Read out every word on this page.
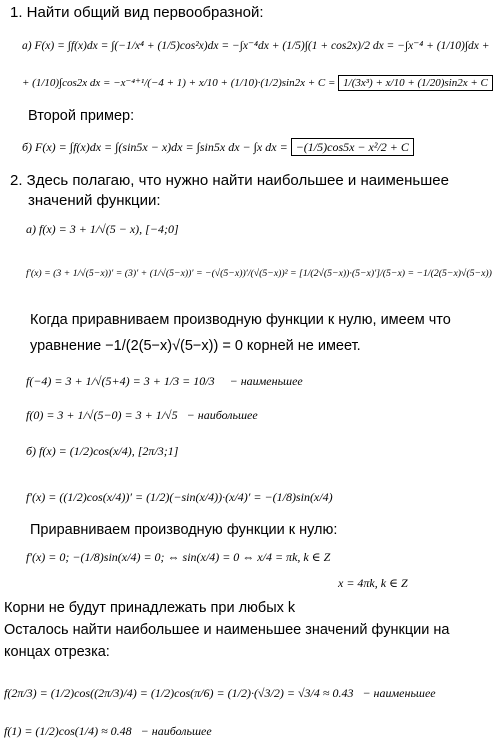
1. Найти общий вид первообразной:
а) F(x) = ∫f(x)dx = ∫(−1/x⁴ + (1/5)cos²x)dx = −∫x⁻⁴dx + (1/5)∫(1 + cos2x)/2 dx = −∫x⁻⁴ + (1/10)∫dx +
+ (1/10)∫cos2x dx = −x⁻⁴⁺¹/(−4 + 1) + x/10 + (1/10)·(1/2)sin2x + C = 1/(3x³) + x/10 + (1/20)sin2x + C
Второй пример:
б) F(x) = ∫f(x)dx = ∫(sin5x − x)dx = ∫sin5x dx − ∫x dx = −(1/5)cos5x − x²/2 + C
2. Здесь полагаю, что нужно найти наибольшее и наименьшее
значений функции:
а) f(x) = 3 + 1/√(5 − x), [−4;0]
f′(x) = (3 + 1/√(5−x))′ = (3)′ + (1/√(5−x))′ = −(√(5−x))′/(√(5−x))² = [1/(2√(5−x))·(5−x)′]/(5−x) = −1/(2(5−x)√(5−x))
Когда приравниваем производную функции к нулю, имеем что
уравнение −1/(2(5−x)√(5−x)) = 0 корней не имеет.
f(−4) = 3 + 1/√(5+4) = 3 + 1/3 = 10/3 − наименьшее
f(0) = 3 + 1/√(5−0) = 3 + 1/√5 − наибольшее
б) f(x) = (1/2)cos(x/4), [2π/3;1]
f′(x) = ((1/2)cos(x/4))′ = (1/2)(−sin(x/4))·(x/4)′ = −(1/8)sin(x/4)
Приравниваем производную функции к нулю:
f′(x) = 0; −(1/8)sin(x/4) = 0; ⇔ sin(x/4) = 0 ⇔ x/4 = πk, k ∈ Z
x = 4πk, k ∈ Z
Корни не будут принадлежать при любых k
Осталось найти наибольшее и наименьшее значений функции на
концах отрезка:
f(2π/3) = (1/2)cos((2π/3)/4) = (1/2)cos(π/6) = (1/2)·(√3/2) = √3/4 ≈ 0.43 − наименьшее
f(1) = (1/2)cos(1/4) ≈ 0.48 − наибольшее
